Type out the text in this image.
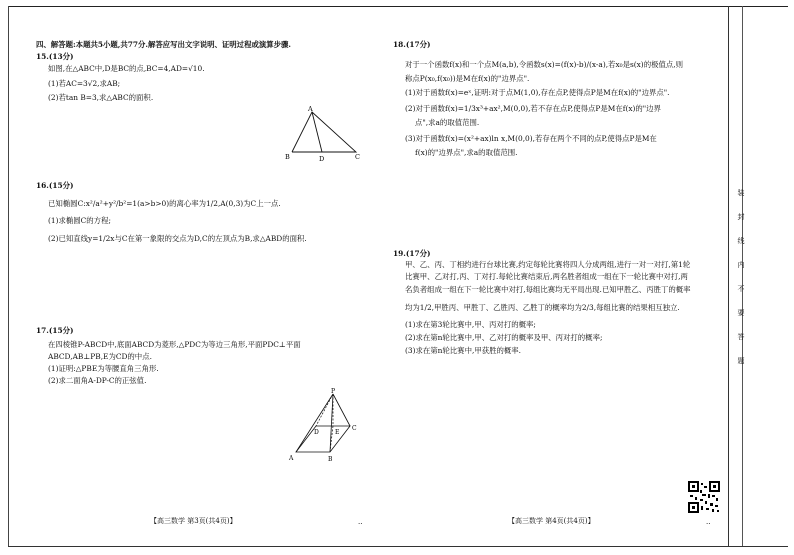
四、解答题:本题共5小题,共77分.解答应写出文字说明、证明过程或演算步骤.
15.(13分)
如图,在△ABC中,D是BC的点,BC=4,AD=√10.
(1)若AC=3√2,求AB;
(2)若tan B=3,求△ABC的面积.
A
B	D	C
16.(15分)
已知椭圆C:x²/a²+y²/b²=1(a>b>0)的离心率为1/2,A(0,3)为C上一点.
(1)求椭圆C的方程;
(2)已知直线y=1/2x与C在第一象限的交点为D,C的左顶点为B,求△ABD的面积.
17.(15分)
在四棱锥P-ABCD中,底面ABCD为菱形,△PDC为等边三角形,平面PDC⊥平面
ABCD,AB⊥PB,E为CD的中点.
(1)证明:△PBE为等腰直角三角形.
(2)求二面角A-DP-C的正弦值.
P
A	B
C
D	E
【高三数学 第3页(共4页)】	..
18.(17分)
对于一个函数f(x)和一个点M(a,b),令函数s(x)=(f(x)-b)/(x-a),若x₀是s(x)的极值点,则
称点P(x₀,f(x₀))是M在f(x)的"边界点".
(1)对于函数f(x)=eˣ,证明:对于点M(1,0),存在点P,使得点P是M在f(x)的"边界点".
(2)对于函数f(x)=1/3x³+ax²,M(0,0),若不存在点P,使得点P是M在f(x)的"边界
点",求a的取值范围.
(3)对于函数f(x)=(x²+ax)ln x,M(0,0),若存在两个不同的点P,使得点P是M在
f(x)的"边界点",求a的取值范围.
19.(17分)
甲、乙、丙、丁相约进行台球比赛,约定每轮比赛将四人分成两组,进行一对一对打,第1轮
比赛甲、乙对打,丙、丁对打.每轮比赛结束后,两名胜者组成一组在下一轮比赛中对打,两
名负者组成一组在下一轮比赛中对打,每组比赛均无平局出现.已知甲胜乙、丙胜丁的概率
均为1/2,甲胜丙、甲胜丁、乙胜丙、乙胜丁的概率均为2/3,每组比赛的结果相互独立.
(1)求在第3轮比赛中,甲、丙对打的概率;
(2)求在第n轮比赛中,甲、乙对打的概率及甲、丙对打的概率;
(3)求在第n轮比赛中,甲获胜的概率.
【高三数学 第4页(共4页)】	..
装
封
线
内
不
要
答
题
